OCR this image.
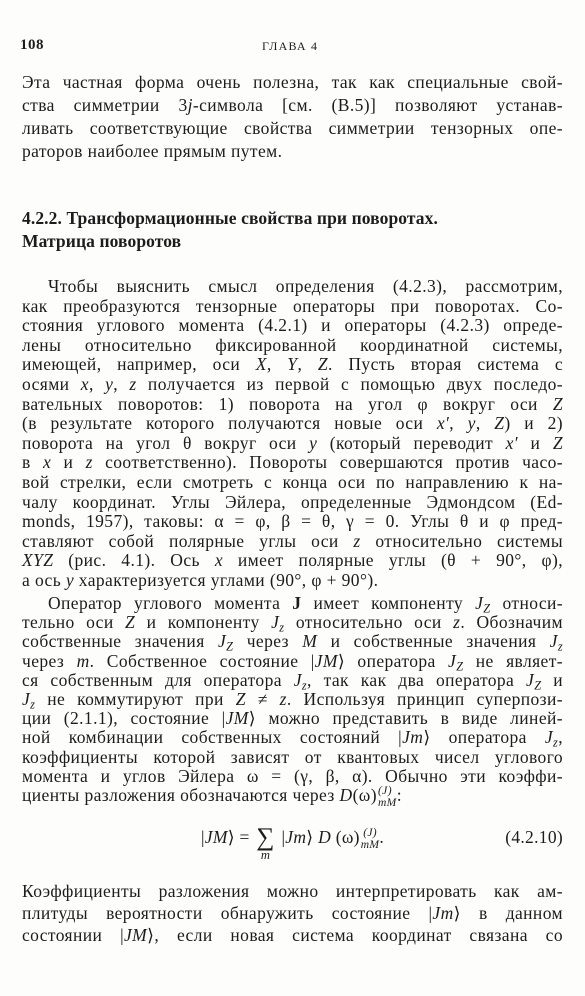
108	ГЛАВА 4
Эта частная форма очень полезна, так как специальные свой-
ства симметрии 3j-символа [см. (В.5)] позволяют устанав-
ливать соответствующие свойства симметрии тензорных опе-
раторов наиболее прямым путем.
4.2.2. Трансформационные свойства при поворотах.
Матрица поворотов
Чтобы выяснить смысл определения (4.2.3), рассмотрим,
как преобразуются тензорные операторы при поворотах. Со-
стояния углового момента (4.2.1) и операторы (4.2.3) опреде-
лены относительно фиксированной координатной системы,
имеющей, например, оси X, Y, Z. Пусть вторая система с
осями x, y, z получается из первой с помощью двух последо-
вательных поворотов: 1) поворота на угол φ вокруг оси Z
(в результате которого получаются новые оси x′, y, Z) и 2)
поворота на угол θ вокруг оси y (который переводит x′ и Z
в x и z соответственно). Повороты совершаются против часо-
вой стрелки, если смотреть с конца оси по направлению к на-
чалу координат. Углы Эйлера, определенные Эдмондсом (Ed-
monds, 1957), таковы: α = φ, β = θ, γ = 0. Углы θ и φ пред-
ставляют собой полярные углы оси z относительно системы
XYZ (рис. 4.1). Ось x имеет полярные углы (θ + 90°, φ),
а ось y характеризуется углами (90°, φ + 90°).
Оператор углового момента J имеет компоненту $J_Z$ относи-
тельно оси Z и компоненту $J_z$ относительно оси z. Обозначим
собственные значения $J_Z$ через M и собственные значения $J_z$
через m. Собственное состояние |JM⟩ оператора $J_Z$ не являет-
ся собственным для оператора $J_z$, так как два оператора $J_Z$ и
$J_z$ не коммутируют при Z ≠ z. Используя принцип суперпози-
ции (2.1.1), состояние |JM⟩ можно представить в виде линей-
ной комбинации собственных состояний |Jm⟩ оператора $J_z$,
коэффициенты которой зависят от квантовых чисел углового
момента и углов Эйлера ω = (γ, β, α). Обычно эти коэффи-
циенты разложения обозначаются через D(ω) (J)
mM :
|JM⟩ = ∑
m
|Jm⟩ D (ω) (J)
mM .	(4.2.10)
Коэффициенты разложения можно интерпретировать как ам-
плитуды вероятности обнаружить состояние |Jm⟩ в данном
состоянии |JM⟩, если новая система координат связана со
